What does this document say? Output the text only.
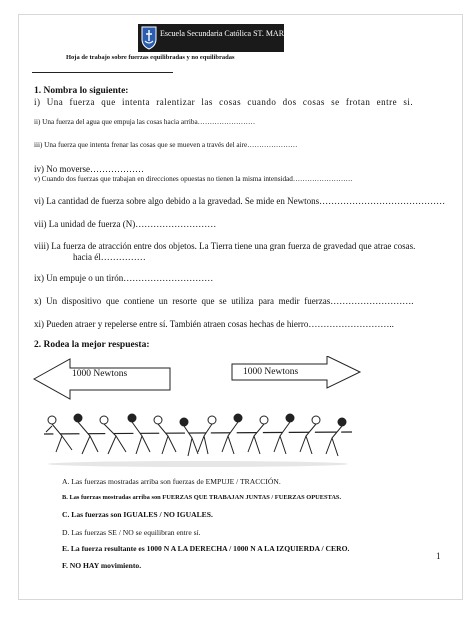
Escuela Secundaria Católica ST. MARY'S
Hoja de trabajo sobre fuerzas equilibradas y no equilibradas
1. Nombra lo siguiente:
i) Una fuerza que intenta ralentizar las cosas cuando dos cosas se frotan entre si.
ii) Una fuerza del agua que empuja las cosas hacia arriba……………………
iii) Una fuerza que intenta frenar las cosas que se mueven a través del aire…………………
iv) No moverse………………
v) Cuando dos fuerzas que trabajan en direcciones opuestas no tienen la misma intensidad…………………….
vi) La cantidad de fuerza sobre algo debido a la gravedad. Se mide en Newtons……………………………………
vii) La unidad de fuerza (N)………………………
viii) La fuerza de atracción entre dos objetos. La Tierra tiene una gran fuerza de gravedad que atrae cosas.
hacia él……………
ix) Un empuje o un tirón…………………………
x) Un dispositivo que contiene un resorte que se utiliza para medir fuerzas……………………….
xi) Pueden atraer y repelerse entre sí. También atraen cosas hechas de hierro………………………..
2. Rodea la mejor respuesta:
1000 Newtons	1000 Newtons
A. Las fuerzas mostradas arriba son fuerzas de EMPUJE / TRACCIÓN.
B. Las fuerzas mostradas arriba son FUERZAS QUE TRABAJAN JUNTAS / FUERZAS OPUESTAS.
C. Las fuerzas son IGUALES / NO IGUALES.
D. Las fuerzas SE / NO se equilibran entre sí.
E. La fuerza resultante es 1000 N A LA DERECHA / 1000 N A LA IZQUIERDA / CERO.
F. NO HAY movimiento.
1
